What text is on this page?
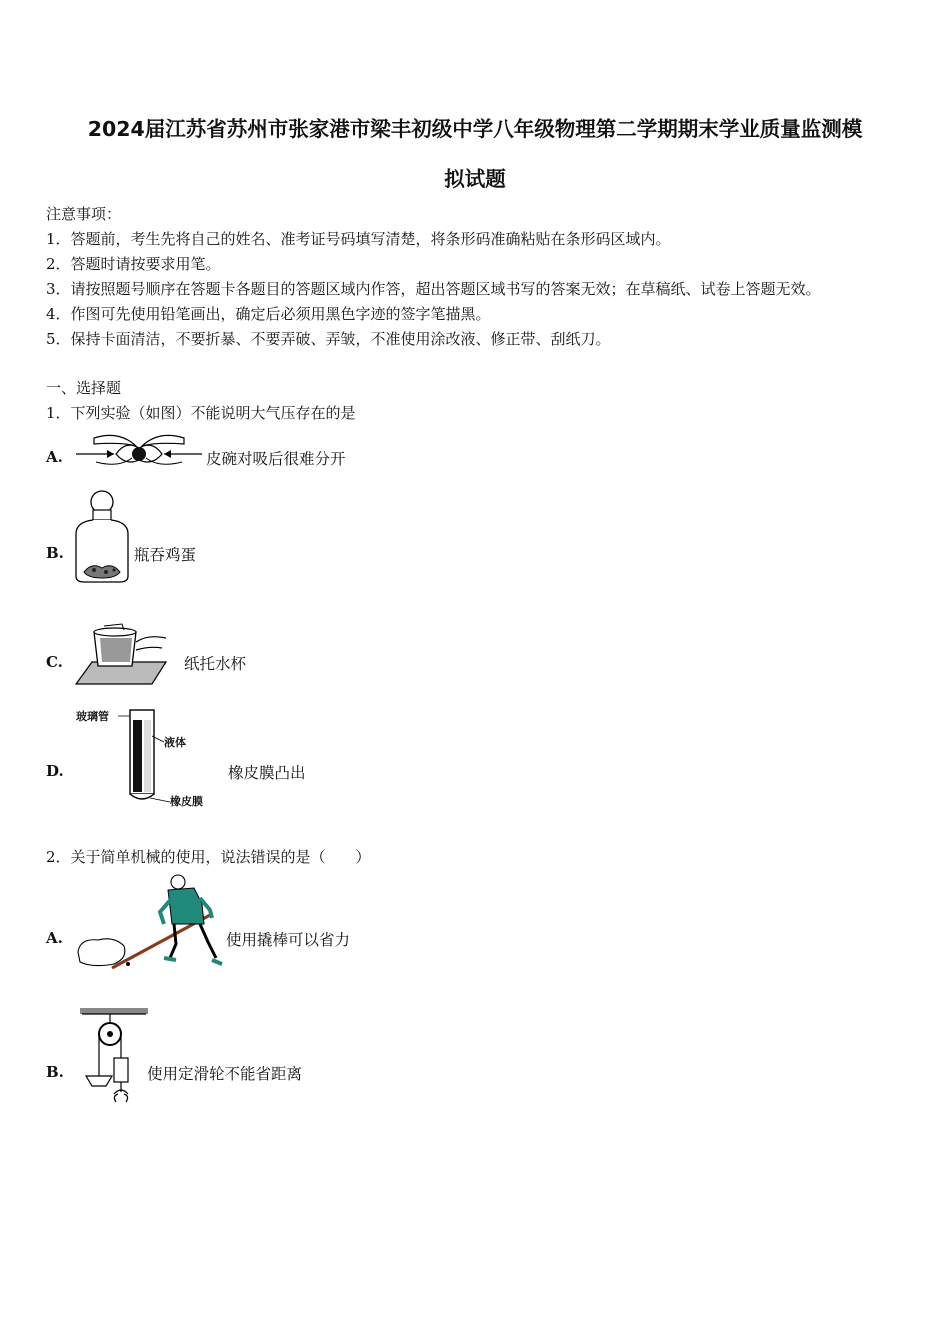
2024届江苏省苏州市张家港市梁丰初级中学八年级物理第二学期期末学业质量监测模
拟试题
注意事项：
1．答题前，考生先将自己的姓名、准考证号码填写清楚，将条形码准确粘贴在条形码区域内。
2．答题时请按要求用笔。
3．请按照题号顺序在答题卡各题目的答题区域内作答，超出答题区域书写的答案无效；在草稿纸、试卷上答题无效。
4．作图可先使用铅笔画出，确定后必须用黑色字迹的签字笔描黑。
5．保持卡面清洁，不要折暴、不要弄破、弄皱，不准使用涂改液、修正带、刮纸刀。
一、选择题
1．下列实验（如图）不能说明大气压存在的是
A.	皮碗对吸后很难分开
B.	瓶吞鸡蛋
C.	纸托水杯
D.
玻璃管
液体
橡皮膜
橡皮膜凸出
2．关于简单机械的使用，说法错误的是（　　）
A.	使用撬棒可以省力
B.	使用定滑轮不能省距离
